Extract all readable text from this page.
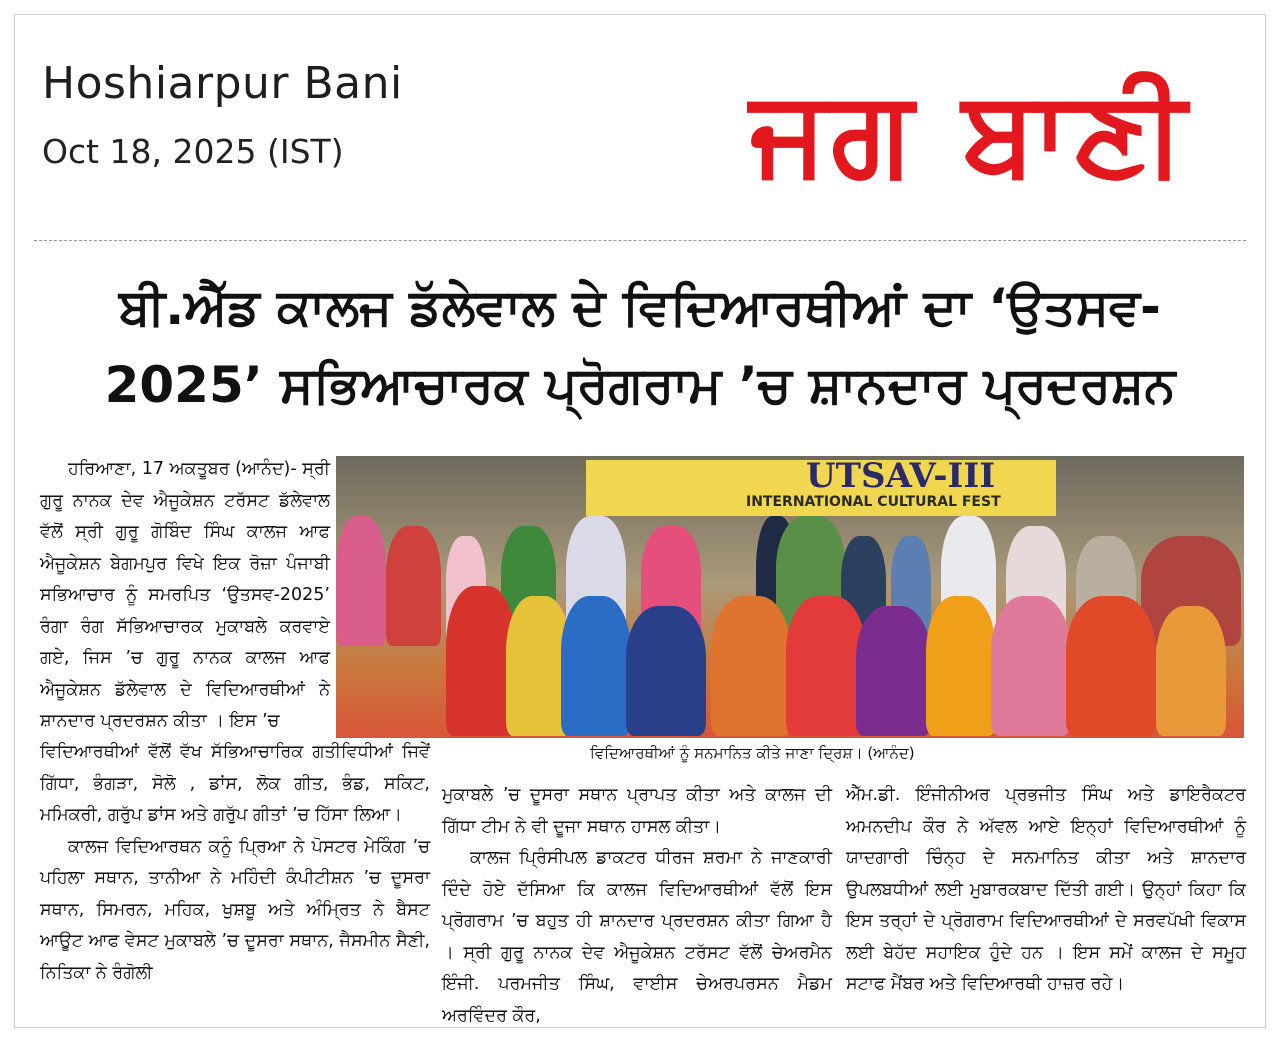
Hoshiarpur Bani
Oct 18, 2025 (IST)	ਜਗ ਬਾਣੀ
ਬੀ.ਐੱਡ ਕਾਲਜ ਡੱਲੇਵਾਲ ਦੇ ਵਿਦਿਆਰਥੀਆਂ ਦਾ ‘ਉਤਸਵ-
2025’ ਸਭਿਆਚਾਰਕ ਪ੍ਰੋਗਰਾਮ ’ਚ ਸ਼ਾਨਦਾਰ ਪ੍ਰਦਰਸ਼ਨ

ਹਰਿਆਣਾ, 17 ਅਕਤੂਬਰ (ਆਨੰਦ)- ਸ੍ਰੀ ਗੁਰੂ ਨਾਨਕ ਦੇਵ ਐਜੂਕੇਸ਼ਨ ਟਰੱਸਟ ਡੱਲੇਵਾਲ ਵੱਲੋਂ ਸ੍ਰੀ ਗੁਰੂ ਗੋਬਿੰਦ ਸਿੰਘ ਕਾਲਜ ਆਫ ਐਜੂਕੇਸ਼ਨ ਬੇਗਮਪੁਰ ਵਿਖੇ ਇਕ ਰੋਜ਼ਾ ਪੰਜਾਬੀ ਸਭਿਆਚਾਰ ਨੂੰ ਸਮਰਪਿਤ ‘ਉਤਸਵ-2025’ ਰੰਗਾ ਰੰਗ ਸੱਭਿਆਚਾਰਕ ਮੁਕਾਬਲੇ ਕਰਵਾਏ ਗਏ, ਜਿਸ ’ਚ ਗੁਰੂ ਨਾਨਕ ਕਾਲਜ ਆਫ ਐਜੂਕੇਸ਼ਨ ਡੱਲੇਵਾਲ ਦੇ ਵਿਦਿਆਰਥੀਆਂ ਨੇ ਸ਼ਾਨਦਾਰ ਪ੍ਰਦਰਸ਼ਨ ਕੀਤਾ । ਇਸ ’ਚ

UTSAV-III
INTERNATIONAL CULTURAL FEST
ਵਿਦਿਆਰਥੀਆਂ ਨੂੰ ਸਨਮਾਨਿਤ ਕੀਤੇ ਜਾਣਾ ਦ੍ਰਿਸ਼। (ਆਨੰਦ)

ਵਿਦਿਆਰਥੀਆਂ ਵੱਲੋਂ ਵੱਖ ਸੱਭਿਆਚਾਰਿਕ ਗਤੀਵਿਧੀਆਂ ਜਿਵੇਂ ਗਿੱਧਾ, ਭੰਗੜਾ, ਸੋਲੋ , ਡਾਂਸ, ਲੋਕ ਗੀਤ, ਭੰਡ, ਸਕਿਟ, ਮਮਿਕਰੀ, ਗਰੁੱਪ ਡਾਂਸ ਅਤੇ ਗਰੁੱਪ ਗੀਤਾਂ ’ਚ ਹਿੱਸਾ ਲਿਆ।

ਕਾਲਜ ਵਿਦਿਆਰਥਨ ਕਨੂੰ ਪ੍ਰਿਆ ਨੇ ਪੋਸਟਰ ਮੇਕਿੰਗ ’ਚ ਪਹਿਲਾ ਸਥਾਨ, ਤਾਨੀਆ ਨੇ ਮਹਿੰਦੀ ਕੰਪੀਟੀਸ਼ਨ ’ਚ ਦੂਸਰਾ ਸਥਾਨ, ਸਿਮਰਨ, ਮਹਿਕ, ਖੁਸ਼ਬੂ ਅਤੇ ਅੰਮ੍ਰਿਤ ਨੇ ਬੈਸਟ ਆਊਟ ਆਫ ਵੇਸਟ ਮੁਕਾਬਲੇ ’ਚ ਦੂਸਰਾ ਸਥਾਨ, ਜੈਸਮੀਨ ਸੈਣੀ, ਨਿਤਿਕਾ ਨੇ ਰੰਗੋਲੀ

ਮੁਕਾਬਲੇ ’ਚ ਦੂਸਰਾ ਸਥਾਨ ਪ੍ਰਾਪਤ ਕੀਤਾ ਅਤੇ ਕਾਲਜ ਦੀ ਗਿੱਧਾ ਟੀਮ ਨੇ ਵੀ ਦੂਜਾ ਸਥਾਨ ਹਾਸਲ ਕੀਤਾ।

ਕਾਲਜ ਪ੍ਰਿੰਸੀਪਲ ਡਾਕਟਰ ਧੀਰਜ ਸ਼ਰਮਾ ਨੇ ਜਾਣਕਾਰੀ ਦਿੰਦੇ ਹੋਏ ਦੱਸਿਆ ਕਿ ਕਾਲਜ ਵਿਦਿਆਰਥੀਆਂ ਵੱਲੋਂ ਇਸ ਪ੍ਰੋਗਰਾਮ ’ਚ ਬਹੁਤ ਹੀ ਸ਼ਾਨਦਾਰ ਪ੍ਰਦਰਸ਼ਨ ਕੀਤਾ ਗਿਆ ਹੈ । ਸ੍ਰੀ ਗੁਰੂ ਨਾਨਕ ਦੇਵ ਐਜੂਕੇਸ਼ਨ ਟਰੱਸਟ ਵੱਲੋਂ ਚੇਅਰਮੈਨ ਇੰਜੀ. ਪਰਮਜੀਤ ਸਿੰਘ, ਵਾਈਸ ਚੇਅਰਪਰਸਨ ਮੈਡਮ ਅਰਵਿੰਦਰ ਕੌਰ,

ਐੱਮ.ਡੀ. ਇੰਜੀਨੀਅਰ ਪ੍ਰਭਜੀਤ ਸਿੰਘ ਅਤੇ ਡਾਇਰੈਕਟਰ ਅਮਨਦੀਪ ਕੌਰ ਨੇ ਅੱਵਲ ਆਏ ਇਨ੍ਹਾਂ ਵਿਦਿਆਰਥੀਆਂ ਨੂੰ ਯਾਦਗਾਰੀ ਚਿੰਨ੍ਹ ਦੇ ਸਨਮਾਨਿਤ ਕੀਤਾ ਅਤੇ ਸ਼ਾਨਦਾਰ ਉਪਲਬਧੀਆਂ ਲਈ ਮੁਬਾਰਕਬਾਦ ਦਿੱਤੀ ਗਈ। ਉਨ੍ਹਾਂ ਕਿਹਾ ਕਿ ਇਸ ਤਰ੍ਹਾਂ ਦੇ ਪ੍ਰੋਗਰਾਮ ਵਿਦਿਆਰਥੀਆਂ ਦੇ ਸਰਵਪੱਖੀ ਵਿਕਾਸ ਲਈ ਬੇਹੱਦ ਸਹਾਇਕ ਹੁੰਦੇ ਹਨ । ਇਸ ਸਮੇਂ ਕਾਲਜ ਦੇ ਸਮੂਹ ਸਟਾਫ ਮੈਂਬਰ ਅਤੇ ਵਿਦਿਆਰਥੀ ਹਾਜ਼ਰ ਰਹੇ।
